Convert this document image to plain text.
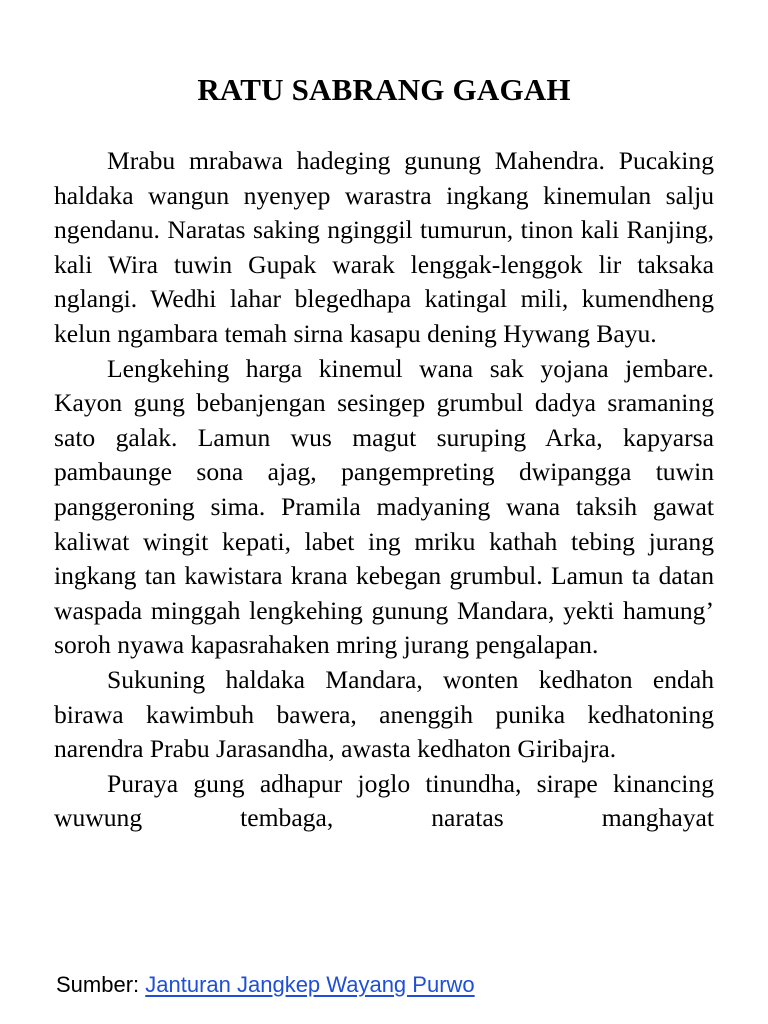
RATU SABRANG GAGAH

Mrabu mrabawa hadeging gunung Mahendra. Pucaking haldaka wangun nyenyep warastra ingkang kinemulan salju ngendanu. Naratas saking nginggil tumurun, tinon kali Ranjing, kali Wira tuwin Gupak warak lenggak-lenggok lir taksaka nglangi. Wedhi lahar blegedhapa katingal mili, kumendheng kelun ngambara temah sirna kasapu dening Hywang Bayu.

Lengkehing harga kinemul wana sak yojana jembare. Kayon gung bebanjengan sesingep grumbul dadya sramaning sato galak. Lamun wus magut suruping Arka, kapyarsa pambaunge sona ajag, pangempreting dwipangga tuwin panggeroning sima. Pramila madyaning wana taksih gawat kaliwat wingit kepati, labet ing mriku kathah tebing jurang ingkang tan kawistara krana kebegan grumbul. Lamun ta datan waspada minggah lengkehing gunung Mandara, yekti hamung’ soroh nyawa kapasrahaken mring jurang pengalapan.

Sukuning haldaka Mandara, wonten kedhaton endah birawa kawimbuh bawera, anenggih punika kedhatoning narendra Prabu Jarasandha, awasta kedhaton Giribajra.

Puraya gung adhapur joglo tinundha, sirape kinancing wuwung tembaga, naratas manghayat

Sumber: Janturan Jangkep Wayang Purwo
